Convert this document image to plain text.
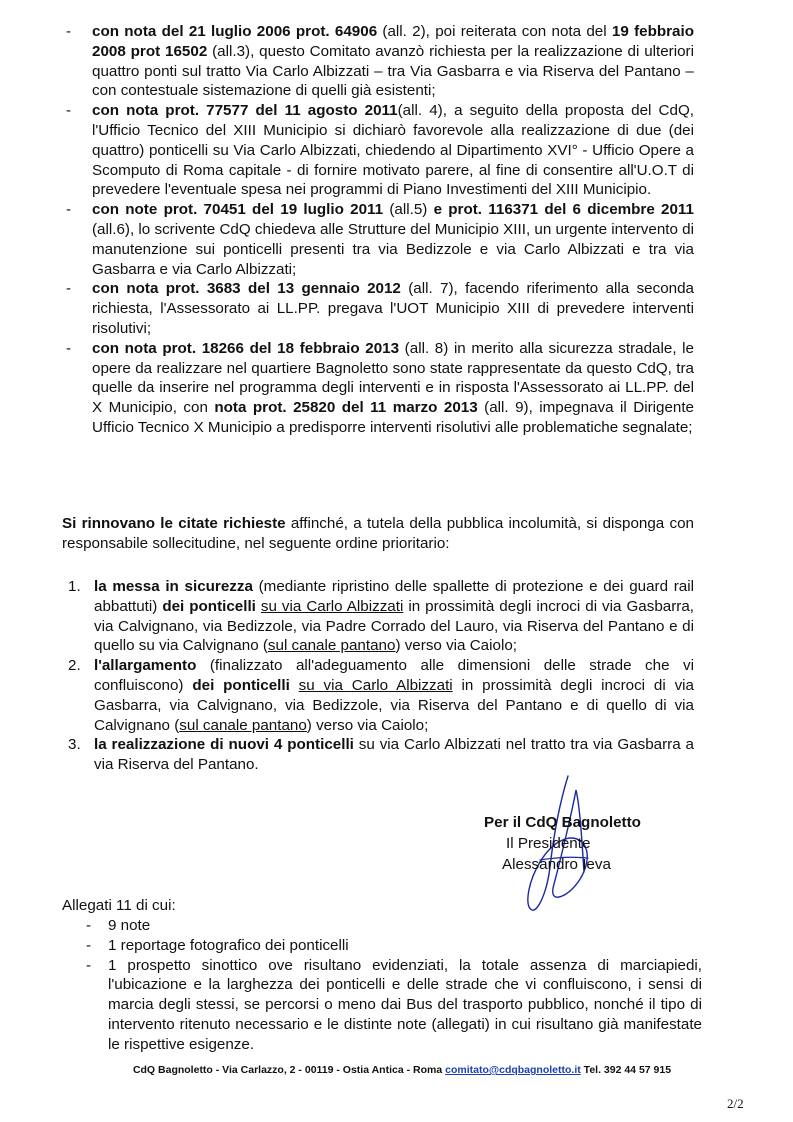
- con nota del 21 luglio 2006 prot. 64906 (all. 2), poi reiterata con nota del 19 febbraio 2008 prot 16502 (all.3), questo Comitato avanzò richiesta per la realizzazione di ulteriori quattro ponti sul tratto Via Carlo Albizzati – tra Via Gasbarra e via Riserva del Pantano – con contestuale sistemazione di quelli già esistenti;

- con nota prot. 77577 del 11 agosto 2011(all. 4), a seguito della proposta del CdQ, l'Ufficio Tecnico del XIII Municipio si dichiarò favorevole alla realizzazione di due (dei quattro) ponticelli su Via Carlo Albizzati, chiedendo al Dipartimento XVI° - Ufficio Opere a Scomputo di Roma capitale - di fornire motivato parere, al fine di consentire all'U.O.T di prevedere l'eventuale spesa nei programmi di Piano Investimenti del XIII Municipio.

- con note prot. 70451 del 19 luglio 2011 (all.5) e prot. 116371 del 6 dicembre 2011 (all.6), lo scrivente CdQ chiedeva alle Strutture del Municipio XIII, un urgente intervento di manutenzione sui ponticelli presenti tra via Bedizzole e via Carlo Albizzati e tra via Gasbarra e via Carlo Albizzati;

- con nota prot. 3683 del 13 gennaio 2012 (all. 7), facendo riferimento alla seconda richiesta, l'Assessorato ai LL.PP. pregava l'UOT Municipio XIII di prevedere interventi risolutivi;

- con nota prot. 18266 del 18 febbraio 2013 (all. 8) in merito alla sicurezza stradale, le opere da realizzare nel quartiere Bagnoletto sono state rappresentate da questo CdQ, tra quelle da inserire nel programma degli interventi e in risposta l'Assessorato ai LL.PP. del X Municipio, con nota prot. 25820 del 11 marzo 2013 (all. 9), impegnava il Dirigente Ufficio Tecnico X Municipio a predisporre interventi risolutivi alle problematiche segnalate;

Si rinnovano le citate richieste affinché, a tutela della pubblica incolumità, si disponga con responsabile sollecitudine, nel seguente ordine prioritario:

1. la messa in sicurezza (mediante ripristino delle spallette di protezione e dei guard rail abbattuti) dei ponticelli su via Carlo Albizzati in prossimità degli incroci di via Gasbarra, via Calvignano, via Bedizzole, via Padre Corrado del Lauro, via Riserva del Pantano e di quello su via Calvignano (sul canale pantano) verso via Caiolo;

2. l'allargamento (finalizzato all'adeguamento alle dimensioni delle strade che vi confluiscono) dei ponticelli su via Carlo Albizzati in prossimità degli incroci di via Gasbarra, via Calvignano, via Bedizzole, via Riserva del Pantano e di quello di via Calvignano (sul canale pantano) verso via Caiolo;

3. la realizzazione di nuovi 4 ponticelli su via Carlo Albizzati nel tratto tra via Gasbarra a via Riserva del Pantano.

Per il CdQ Bagnoletto
Il Presidente
Alessandro Ieva

Allegati 11 di cui:

- 9 note

- 1 reportage fotografico dei ponticelli

- 1 prospetto sinottico ove risultano evidenziati, la totale assenza di marciapiedi, l'ubicazione e la larghezza dei ponticelli e delle strade che vi confluiscono, i sensi di marcia degli stessi, se percorsi o meno dai Bus del trasporto pubblico, nonché il tipo di intervento ritenuto necessario e le distinte note (allegati) in cui risultano già manifestate le rispettive esigenze.

CdQ Bagnoletto - Via Carlazzo, 2 - 00119 - Ostia Antica - Roma comitato@cdqbagnoletto.it Tel. 392 44 57 915
2/2
